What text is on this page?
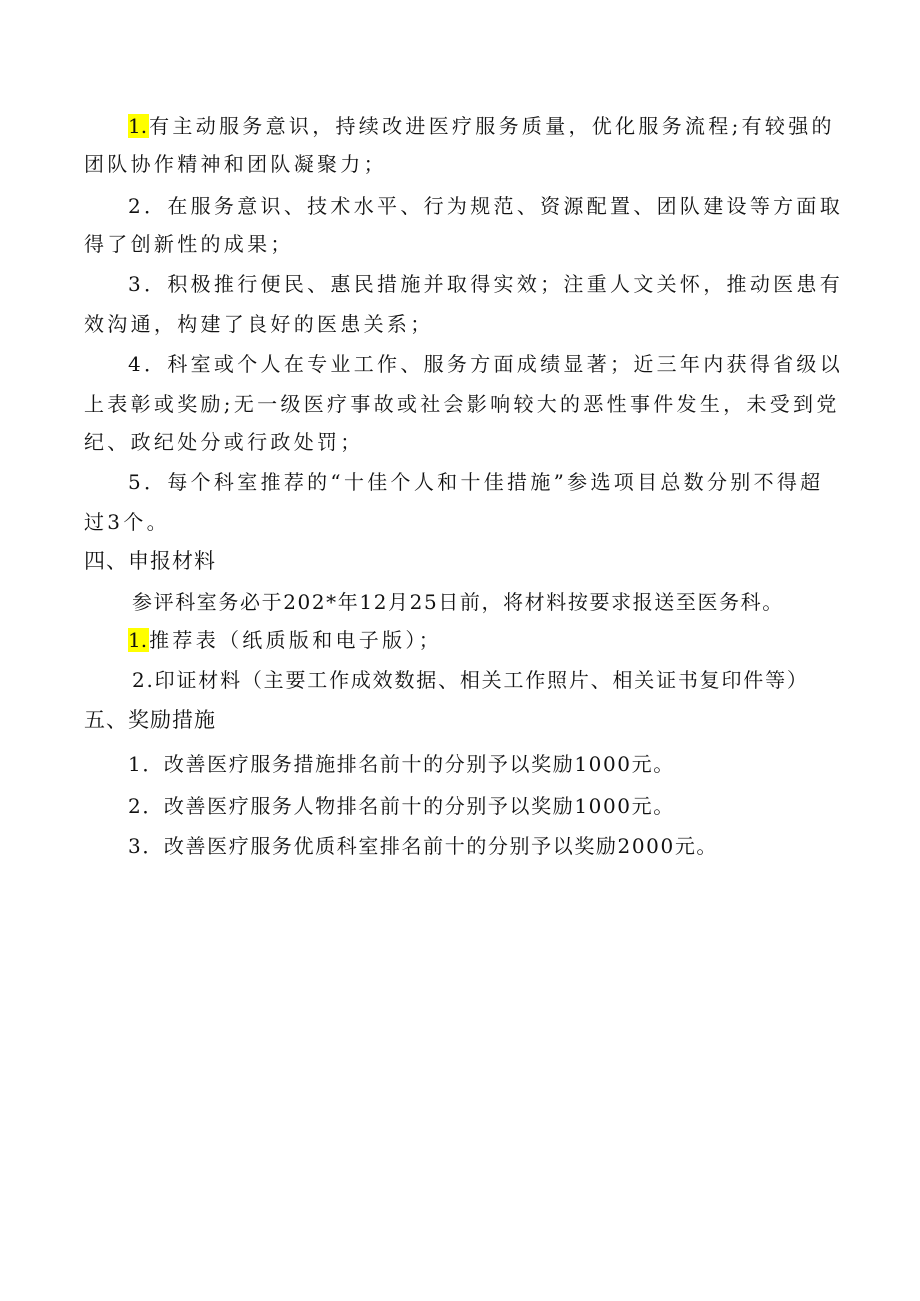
1. 有主动服务意识，持续改进医疗服务质量，优化服务流程;有较强的
团队协作精神和团队凝聚力；
2．在服务意识、技术水平、行为规范、资源配置、团队建设等方面取
得了创新性的成果；
3．积极推行便民、惠民措施并取得实效；注重人文关怀，推动医患有
效沟通，构建了良好的医患关系；
4．科室或个人在专业工作、服务方面成绩显著；近三年内获得省级以
上表彰或奖励;无一级医疗事故或社会影响较大的恶性事件发生，未受到党
纪、政纪处分或行政处罚；
5．每个科室推荐的“十佳个人和十佳措施”参选项目总数分别不得超
过3个。
四、申报材料
参评科室务必于202*年12月25日前，将材料按要求报送至医务科。
1. 推荐表（纸质版和电子版）；
2.印证材料（主要工作成效数据、相关工作照片、相关证书复印件等）
五、奖励措施
1．改善医疗服务措施排名前十的分别予以奖励1000元。
2．改善医疗服务人物排名前十的分别予以奖励1000元。
3．改善医疗服务优质科室排名前十的分别予以奖励2000元。
